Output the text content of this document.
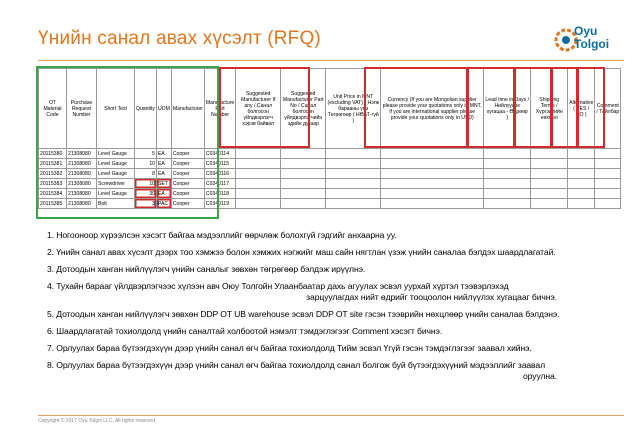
Үнийн санал авах хүсэлт (RFQ)	Oyu
Tolgoi
OT Material Code	Purchase Request Number	Short Text	Quantity	UOM	Manufacturer	Manufacture Part Number	Suggested Manufacturer If any / Санал болгосон үйлдвэрлэгч хэрэв байвал	Suggested Manufacturer Part No / Санал болгосон үйлдвэрлэгчийн эдийн дугаар	Unit Price in MNT (excluding VAT) - Нэгж барааны үнэ Төгрөгөөр ( НӨАТ-гүй )	Currency (If you are Mongolian supplier please provide your quotations only in MNT, if you are international supplier please provide your quotations only in USD)	Lead time in Days / Нийлүүлэх хугацаа - Өдрөөр )	Shipping Terms / Хүргэлтийн нөхцөл	Alternative ( YES / NO )	Comment / Тайлбар
20115380	21308080	Level Gauge	5	EA	Cooper	C0340114								
20115381	21308080	Level Gauge	10	EA	Cooper	C0340115								
20115382	21308080	Level Gauge	8	EA	Cooper	C0340116								
20115383	21308080	Screwdriver	10	SET	Cooper	C0340117								
20115384	21308080	Level Gauge	30	EA	Cooper	C0340118								
20115385	21308080	Bolt	3	PAC	Cooper	C0340119								
1. Ногооноор хүрээлсэн хэсэгт байгаа мэдээллийг өөрчлөж болохгүй гэдгийг анхаарна уу.
2. Үнийн санал авах хүсэлт дээрх тоо хэмжээ болон хэмжих нэгжийг маш сайн нягтлан үзэж үнийн саналаа бэлдэх шаардлагатай.
3. Дотоодын ханган нийлүүлэгч үнийн саналыг зөвхөн төгрөгөөр бэлдэж ирүүлнэ.
4. Тухайн барааг үйлдвэрлэгчээс хүлээн авч Оюу Толгойн Улаанбаатар дахь агуулах эсвэл уурхай хүртэл тээвэрлэхэд
зарцуулагдах нийт өдрийг тооцоолон нийлүүлэх хугацааг бичнэ.
5. Дотоодын ханган нийлүүлэгч зөвхөн DDP OT UB warehouse эсвэл DDP OT site гэсэн тээврийн нөхцлөөр үнийн саналаа бэлдэнэ.
6. Шаардлагатай тохиолдолд үнийн саналтай холбоотой нэмэлт тэмдэглэгээг Comment хэсэгт бичнэ.
7. Орлуулах бараа бүтээгдэхүүн дээр үнийн санал өгч байгаа тохиолдолд Тийм эсвэл Үгүй гэсэн тэмдэглэгээг заавал хийнэ.
8. Орлуулах бараа бүтээгдэхүүн дээр үнийн санал өгч байгаа тохиолдолд санал болгож буй бүтээгдэхүүний мэдээллийг заавал
оруулна.
Copyright © 2017 Oyu Tolgoi LLC, All rights reserved
